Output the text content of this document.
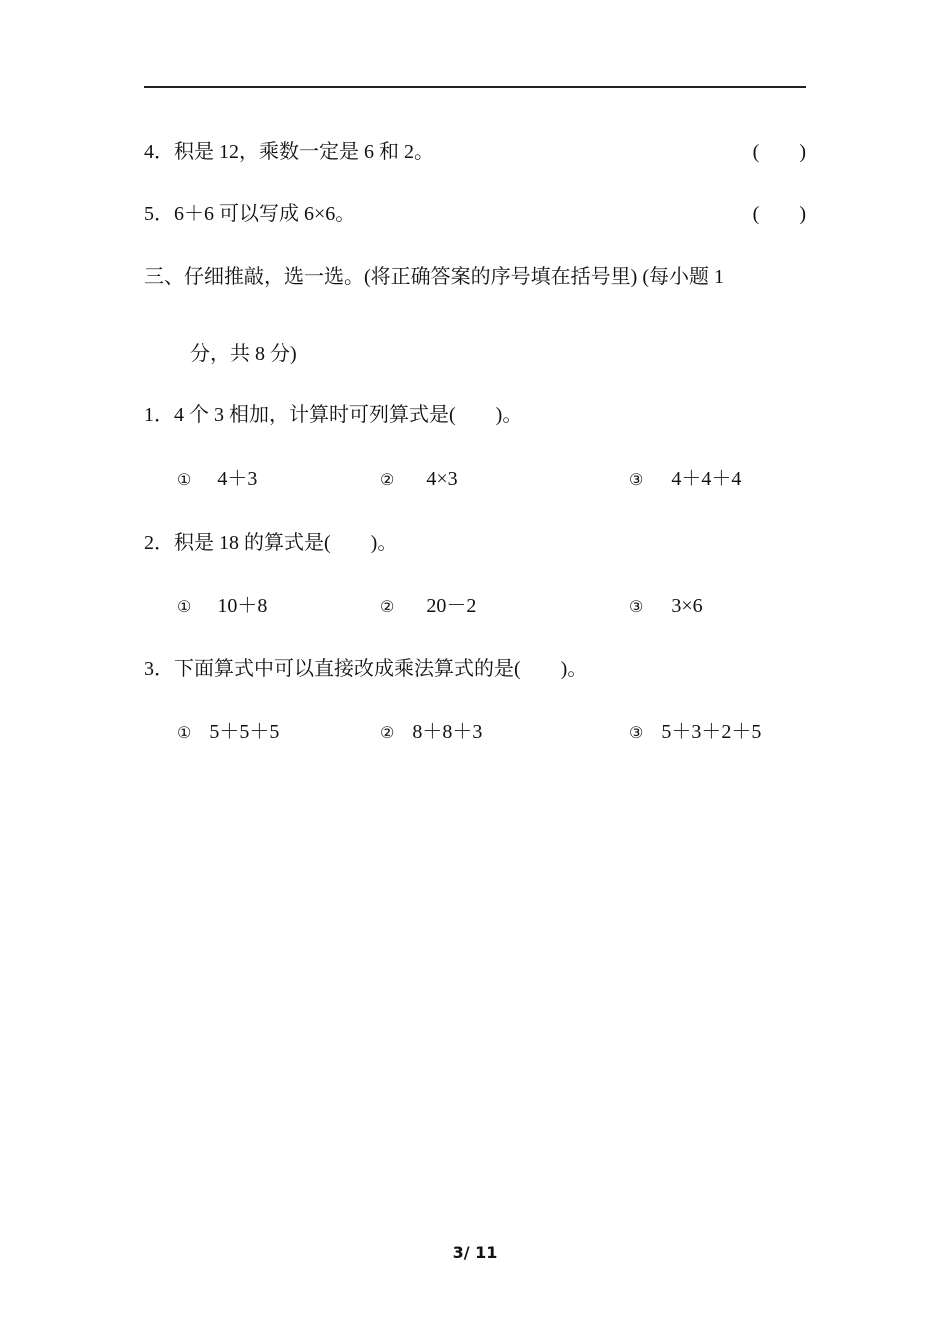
4．积是 12，乘数一定是 6 和 2。	(　　)
5．6＋6 可以写成 6×6。	(　　)
三、仔细推敲，选一选。(将正确答案的序号填在括号里) (每小题 1
分，共 8 分)
1．4 个 3 相加，计算时可列算式是(　　)。
① 4＋3	② 4×3	③ 4＋4＋4
2．积是 18 的算式是(　　)。
① 10＋8	② 20－2	③ 3×6
3．下面算式中可以直接改成乘法算式的是(　　)。
① 5＋5＋5	② 8＋8＋3	③ 5＋3＋2＋5
3/ 11
